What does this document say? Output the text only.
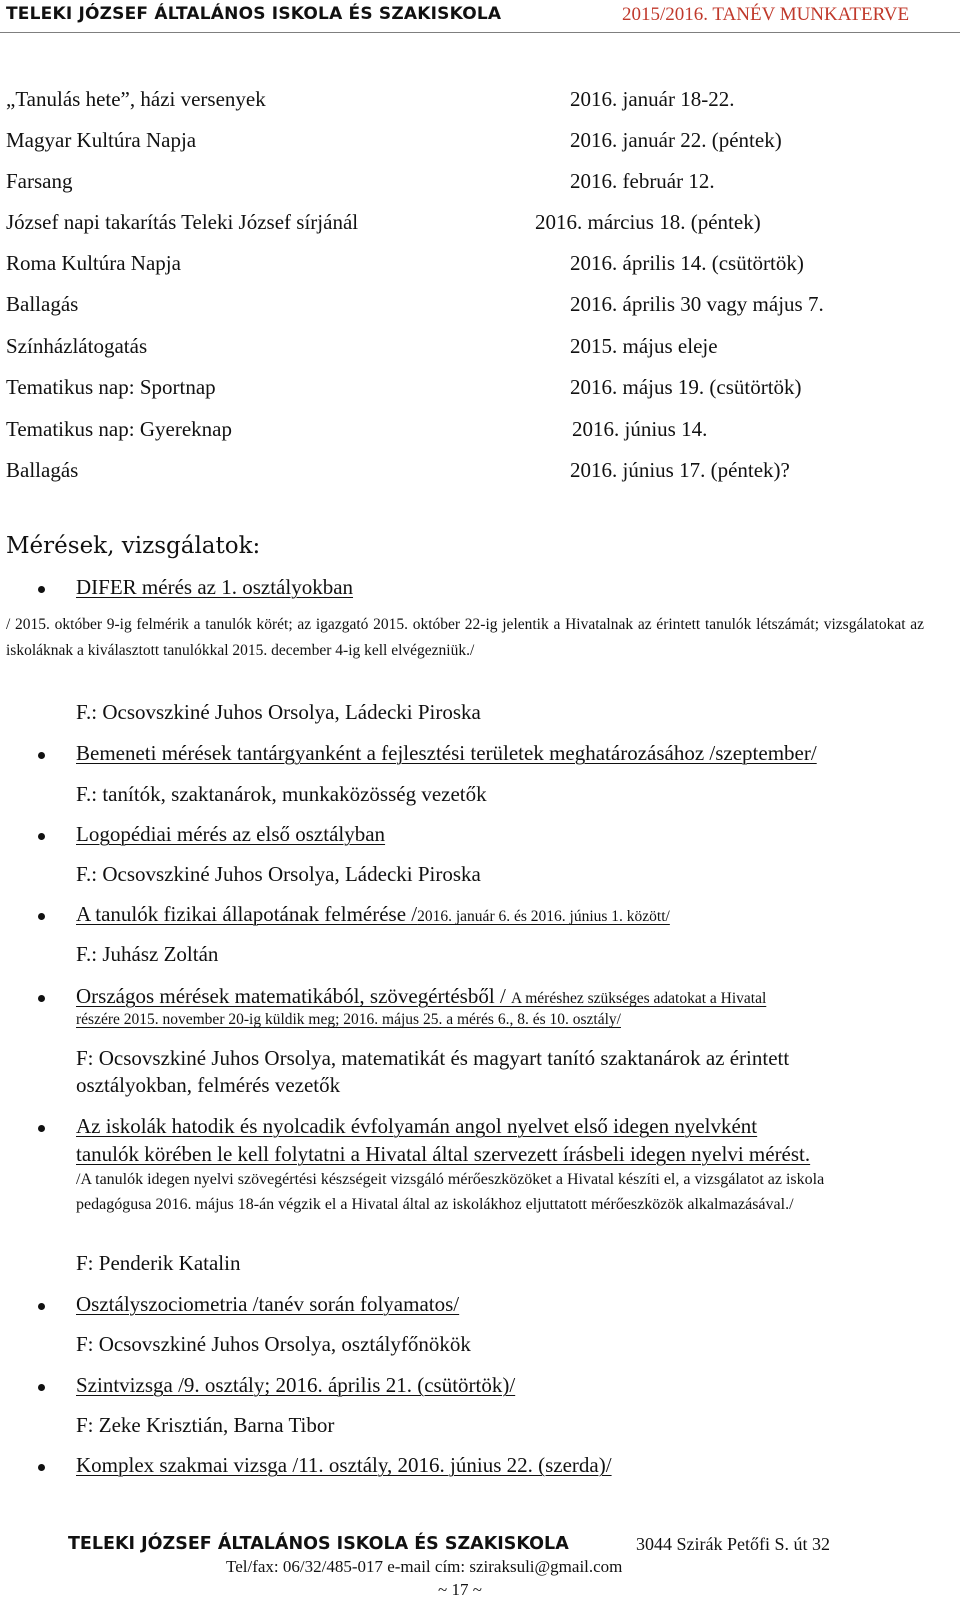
TELEKI JÓZSEF ÁLTALÁNOS ISKOLA ÉS SZAKISKOLA	2015/2016. TANÉV MUNKATERVE
„Tanulás hete”, házi versenyek	2016. január 18-22.
Magyar Kultúra Napja	2016. január 22. (péntek)
Farsang	2016. február 12.
József napi takarítás Teleki József sírjánál	2016. március 18. (péntek)
Roma Kultúra Napja	2016. április 14. (csütörtök)
Ballagás	2016. április 30 vagy május 7.
Színházlátogatás	2015. május eleje
Tematikus nap: Sportnap	2016. május 19. (csütörtök)
Tematikus nap: Gyereknap	2016. június 14.
Ballagás	2016. június 17. (péntek)?
Mérések, vizsgálatok:
DIFER mérés az 1. osztályokban
/ 2015. október 9-ig felmérik a tanulók körét; az igazgató 2015. október 22-ig jelentik a Hivatalnak az érintett tanulók létszámát; vizsgálatokat az iskoláknak a kiválasztott tanulókkal 2015. december 4-ig kell elvégezniük./
F.: Ocsovszkiné Juhos Orsolya, Ládecki Piroska
Bemeneti mérések tantárgyanként a fejlesztési területek meghatározásához /szeptember/
F.: tanítók, szaktanárok, munkaközösség vezetők
Logopédiai mérés az első osztályban
F.: Ocsovszkiné Juhos Orsolya, Ládecki Piroska
A tanulók fizikai állapotának felmérése /2016. január 6. és 2016. június 1. között/
F.: Juhász Zoltán
Országos mérések matematikából, szövegértésből / A méréshez szükséges adatokat a Hivatal
részére 2015. november 20-ig küldik meg; 2016. május 25. a mérés 6., 8. és 10. osztály/
F: Ocsovszkiné Juhos Orsolya, matematikát és magyart tanító szaktanárok az érintett
osztályokban, felmérés vezetők
Az iskolák hatodik és nyolcadik évfolyamán angol nyelvet első idegen nyelvként
tanulók körében le kell folytatni a Hivatal által szervezett írásbeli idegen nyelvi mérést.
/A tanulók idegen nyelvi szövegértési készségeit vizsgáló mérőeszközöket a Hivatal készíti el, a vizsgálatot az iskola pedagógusa 2016. május 18-án végzik el a Hivatal által az iskolákhoz eljuttatott mérőeszközök alkalmazásával./
F: Penderik Katalin
Osztályszociometria /tanév során folyamatos/
F: Ocsovszkiné Juhos Orsolya, osztályfőnökök
Szintvizsga /9. osztály; 2016. április 21. (csütörtök)/
F: Zeke Krisztián, Barna Tibor
Komplex szakmai vizsga /11. osztály, 2016. június 22. (szerda)/
TELEKI JÓZSEF ÁLTALÁNOS ISKOLA ÉS SZAKISKOLA	3044 Szirák Petőfi S. út 32
Tel/fax: 06/32/485-017 e-mail cím: sziraksuli@gmail.com
~ 17 ~
